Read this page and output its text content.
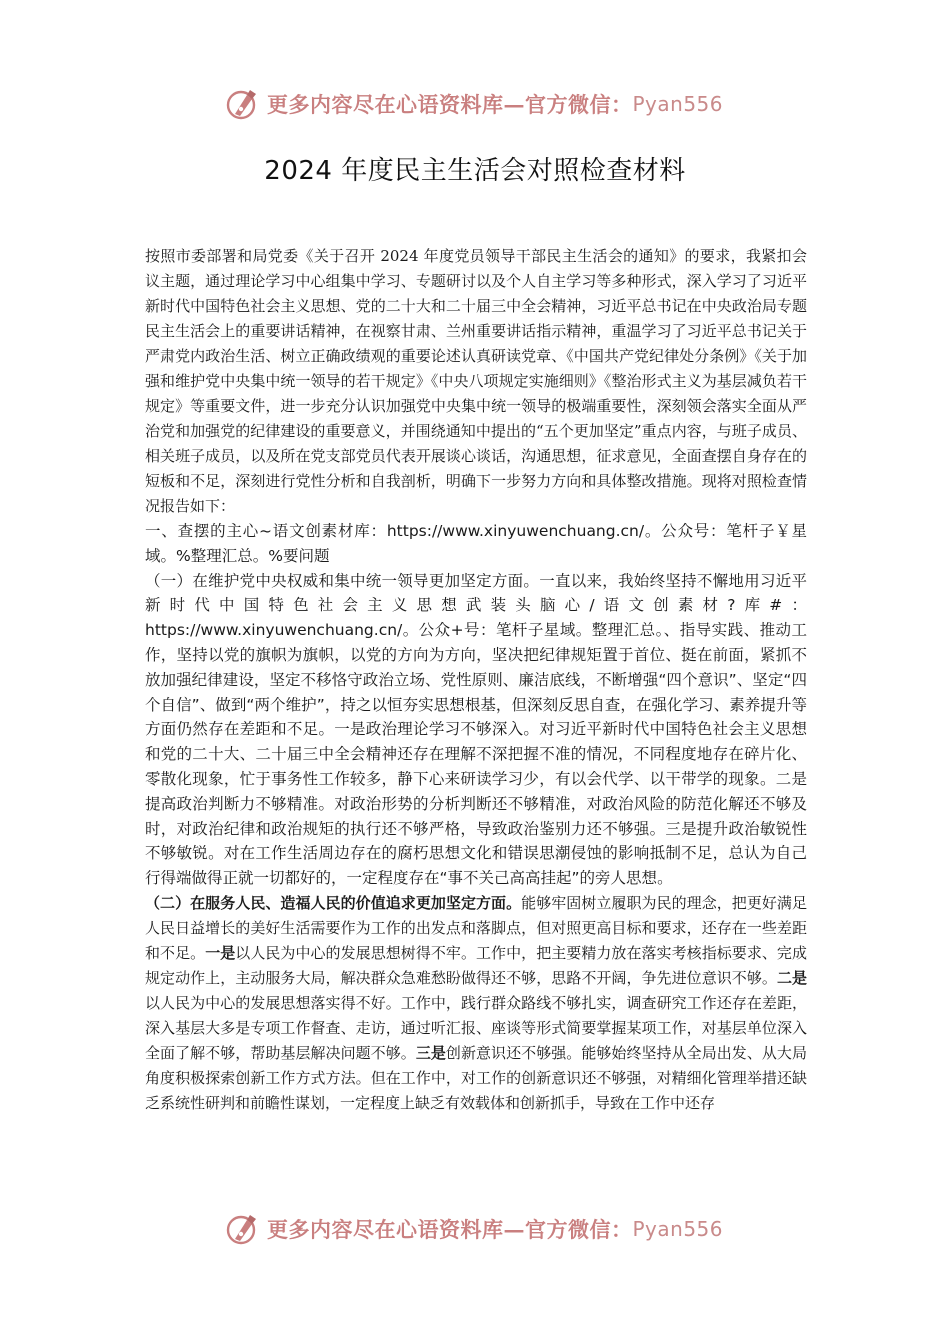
更多内容尽在心语资料库—官方微信： Pyan556
2024 年度民主生活会对照检查材料

按照市委部署和局党委《关于召开 2024 年度党员领导干部民主生活会的通知》的要求，我紧扣会议主题，通过理论学习中心组集中学习、专题研讨以及个人自主学习等多种形式，深入学习了习近平新时代中国特色社会主义思想、党的二十大和二十届三中全会精神，习近平总书记在中央政治局专题民主生活会上的重要讲话精神，在视察甘肃、兰州重要讲话指示精神，重温学习了习近平总书记关于严肃党内政治生活、树立正确政绩观的重要论述认真研读党章、《中国共产党纪律处分条例》《关于加强和维护党中央集中统一领导的若干规定》《中央八项规定实施细则》《整治形式主义为基层减负若干规定》等重要文件，进一步充分认识加强党中央集中统一领导的极端重要性，深刻领会落实全面从严治党和加强党的纪律建设的重要意义，并围绕通知中提出的“五个更加坚定”重点内容，与班子成员、相关班子成员，以及所在党支部党员代表开展谈心谈话，沟通思想，征求意见，全面查摆自身存在的短板和不足，深刻进行党性分析和自我剖析，明确下一步努力方向和具体整改措施。现将对照检查情况报告如下：

一、查摆的主心~语文创素材库：https://www.xinyuwenchuang.cn/。公众号：笔杆子￥星域。%整理汇总。%要问题

（一）在维护党中央权威和集中统一领导更加坚定方面。一直以来，我始终坚持不懈地用习近平新时代中国特色社会主义思想武装头脑心/语文创素材?库#：https://www.xinyuwenchuang.cn/。公众+号：笔杆子星域。整理汇总。、指导实践、推动工作，坚持以党的旗帜为旗帜，以党的方向为方向，坚决把纪律规矩置于首位、挺在前面，紧抓不放加强纪律建设，坚定不移恪守政治立场、党性原则、廉洁底线，不断增强“四个意识”、坚定“四个自信”、做到“两个维护”，持之以恒夯实思想根基，但深刻反思自查，在强化学习、素养提升等方面仍然存在差距和不足。一是政治理论学习不够深入。对习近平新时代中国特色社会主义思想和党的二十大、二十届三中全会精神还存在理解不深把握不准的情况，不同程度地存在碎片化、零散化现象，忙于事务性工作较多，静下心来研读学习少，有以会代学、以干带学的现象。二是提高政治判断力不够精准。对政治形势的分析判断还不够精准，对政治风险的防范化解还不够及时，对政治纪律和政治规矩的执行还不够严格，导致政治鉴别力还不够强。三是提升政治敏锐性不够敏锐。对在工作生活周边存在的腐朽思想文化和错误思潮侵蚀的影响抵制不足，总认为自己行得端做得正就一切都好的，一定程度存在“事不关己高高挂起”的旁人思想。

（二）在服务人民、造福人民的价值追求更加坚定方面。能够牢固树立履职为民的理念，把更好满足人民日益增长的美好生活需要作为工作的出发点和落脚点，但对照更高目标和要求，还存在一些差距和不足。一是以人民为中心的发展思想树得不牢。工作中，把主要精力放在落实考核指标要求、完成规定动作上，主动服务大局，解决群众急难愁盼做得还不够，思路不开阔，争先进位意识不够。二是以人民为中心的发展思想落实得不好。工作中，践行群众路线不够扎实，调查研究工作还存在差距，深入基层大多是专项工作督查、走访，通过听汇报、座谈等形式简要掌握某项工作，对基层单位深入全面了解不够，帮助基层解决问题不够。三是创新意识还不够强。能够始终坚持从全局出发、从大局角度积极探索创新工作方式方法。但在工作中，对工作的创新意识还不够强，对精细化管理举措还缺乏系统性研判和前瞻性谋划，一定程度上缺乏有效载体和创新抓手，导致在工作中还存

更多内容尽在心语资料库—官方微信： Pyan556
